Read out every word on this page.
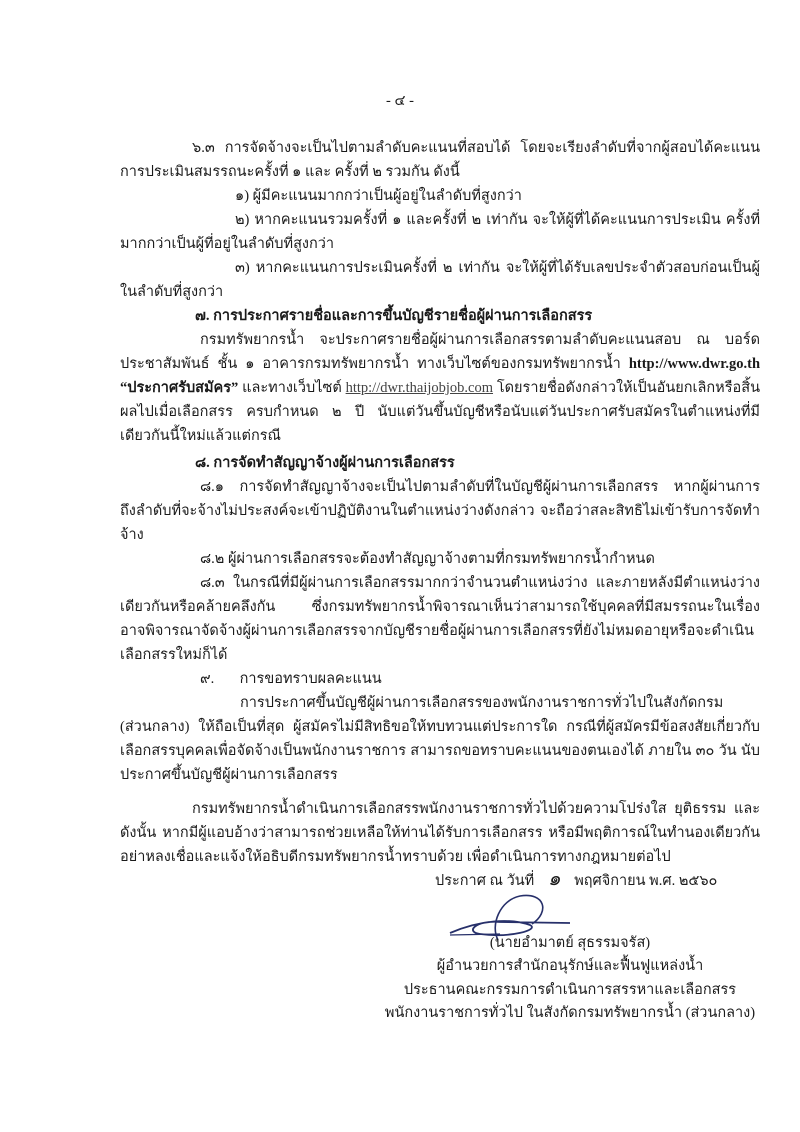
- ๔ -
๖.๓ การจัดจ้างจะเป็นไปตามลำดับคะแนนที่สอบได้ โดยจะเรียงลำดับที่จากผู้สอบได้คะแนน
การประเมินสมรรถนะครั้งที่ ๑ และ ครั้งที่ ๒ รวมกัน ดังนี้
๑) ผู้มีคะแนนมากกว่าเป็นผู้อยู่ในลำดับที่สูงกว่า
๒) หากคะแนนรวมครั้งที่ ๑ และครั้งที่ ๒ เท่ากัน จะให้ผู้ที่ได้คะแนนการประเมิน ครั้งที่
มากกว่าเป็นผู้ที่อยู่ในลำดับที่สูงกว่า
๓) หากคะแนนการประเมินครั้งที่ ๒ เท่ากัน จะให้ผู้ที่ได้รับเลขประจำตัวสอบก่อนเป็นผู้
ในลำดับที่สูงกว่า
๗. การประกาศรายชื่อและการขึ้นบัญชีรายชื่อผู้ผ่านการเลือกสรร
กรมทรัพยากรน้ำ จะประกาศรายชื่อผู้ผ่านการเลือกสรรตามลำดับคะแนนสอบ ณ บอร์ด
ประชาสัมพันธ์ ชั้น ๑ อาคารกรมทรัพยากรน้ำ ทางเว็บไซต์ของกรมทรัพยากรน้ำ http://www.dwr.go.th
“ประกาศรับสมัคร” และทางเว็บไซต์ http://dwr.thaijobjob.com โดยรายชื่อดังกล่าวให้เป็นอันยกเลิกหรือสิ้น
ผลไปเมื่อเลือกสรร ครบกำหนด ๒ ปี นับแต่วันขึ้นบัญชีหรือนับแต่วันประกาศรับสมัครในตำแหน่งที่มี
เดียวกันนี้ใหม่แล้วแต่กรณี
๘. การจัดทำสัญญาจ้างผู้ผ่านการเลือกสรร
๘.๑ การจัดทำสัญญาจ้างจะเป็นไปตามลำดับที่ในบัญชีผู้ผ่านการเลือกสรร หากผู้ผ่านการ
ถึงลำดับที่จะจ้างไม่ประสงค์จะเข้าปฏิบัติงานในตำแหน่งว่างดังกล่าว จะถือว่าสละสิทธิไม่เข้ารับการจัดทำ
จ้าง
๘.๒ ผู้ผ่านการเลือกสรรจะต้องทำสัญญาจ้างตามที่กรมทรัพยากรน้ำกำหนด
๘.๓ ในกรณีที่มีผู้ผ่านการเลือกสรรมากกว่าจำนวนตำแหน่งว่าง และภายหลังมีตำแหน่งว่าง
เดียวกันหรือคล้ายคลึงกัน ซึ่งกรมทรัพยากรน้ำพิจารณาเห็นว่าสามารถใช้บุคคลที่มีสมรรถนะในเรื่อง
อาจพิจารณาจัดจ้างผู้ผ่านการเลือกสรรจากบัญชีรายชื่อผู้ผ่านการเลือกสรรที่ยังไม่หมดอายุหรือจะดำเนิน
เลือกสรรใหม่ก็ได้
๙.       การขอทราบผลคะแนน
การประกาศขึ้นบัญชีผู้ผ่านการเลือกสรรของพนักงานราชการทั่วไปในสังกัดกรม
(ส่วนกลาง) ให้ถือเป็นที่สุด ผู้สมัครไม่มีสิทธิขอให้ทบทวนแต่ประการใด กรณีที่ผู้สมัครมีข้อสงสัยเกี่ยวกับ
เลือกสรรบุคคลเพื่อจัดจ้างเป็นพนักงานราชการ สามารถขอทราบคะแนนของตนเองได้ ภายใน ๓๐ วัน นับ
ประกาศขึ้นบัญชีผู้ผ่านการเลือกสรร
กรมทรัพยากรน้ำดำเนินการเลือกสรรพนักงานราชการทั่วไปด้วยความโปร่งใส ยุติธรรม และ
ดังนั้น หากมีผู้แอบอ้างว่าสามารถช่วยเหลือให้ท่านได้รับการเลือกสรร หรือมีพฤติการณ์ในทำนองเดียวกัน
อย่าหลงเชื่อและแจ้งให้อธิบดีกรมทรัพยากรน้ำทราบด้วย เพื่อดำเนินการทางกฎหมายต่อไป
ประกาศ ณ วันที่ ๑ พฤศจิกายน พ.ศ. ๒๕๖๐
(นายอำมาตย์ สุธรรมจรัส)
ผู้อำนวยการสำนักอนุรักษ์และฟื้นฟูแหล่งน้ำ
ประธานคณะกรรมการดำเนินการสรรหาและเลือกสรร
พนักงานราชการทั่วไป ในสังกัดกรมทรัพยากรน้ำ (ส่วนกลาง)
